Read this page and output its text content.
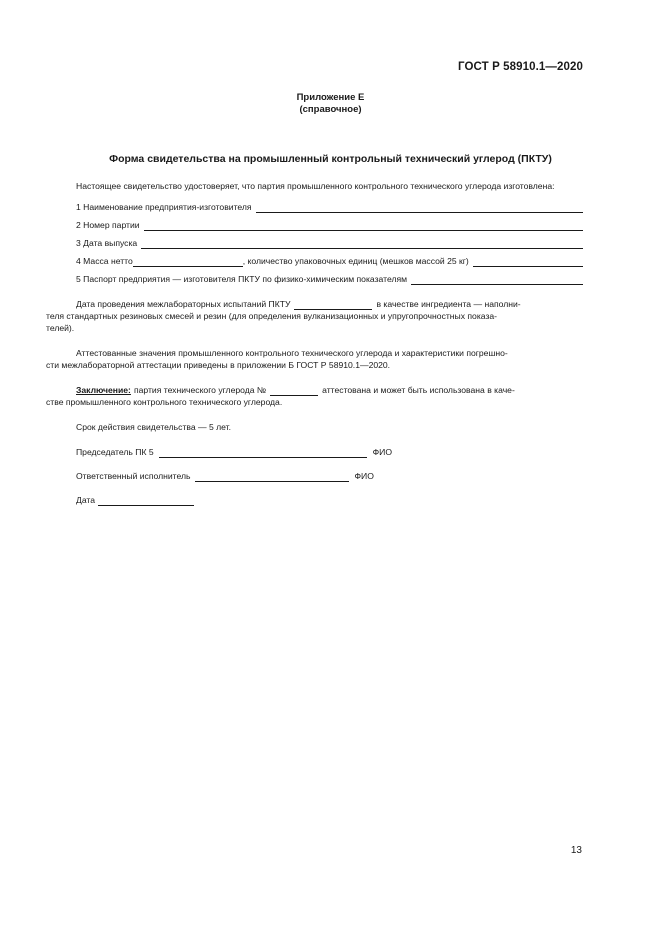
ГОСТ Р 58910.1—2020
Приложение Е
(справочное)
Форма свидетельства на промышленный контрольный технический углерод (ПКТУ)

Настоящее свидетельство удостоверяет, что партия промышленного контрольного технического углерода изготовлена:

1 Наименование предприятия-изготовителя
2 Номер партии
3 Дата выпуска
4 Масса нетто	, количество упаковочных единиц (мешков массой 25 кг)
5 Паспорт предприятия — изготовителя ПКТУ по физико-химическим показателям
Дата проведения межлабораторных испытаний ПКТУ	в качестве ингредиента — наполни-
теля стандартных резиновых смесей и резин (для определения вулканизационных и упругопрочностных показа-
телей).
Аттестованные значения промышленного контрольного технического углерода и характеристики погрешно-
сти межлабораторной аттестации приведены в приложении Б ГОСТ Р 58910.1—2020.
Заключение: партия технического углерода №	аттестована и может быть использована в каче-
стве промышленного контрольного технического углерода.
Срок действия свидетельства — 5 лет.
Председатель ПК 5	ФИО
Ответственный исполнитель	ФИО
Дата
13
